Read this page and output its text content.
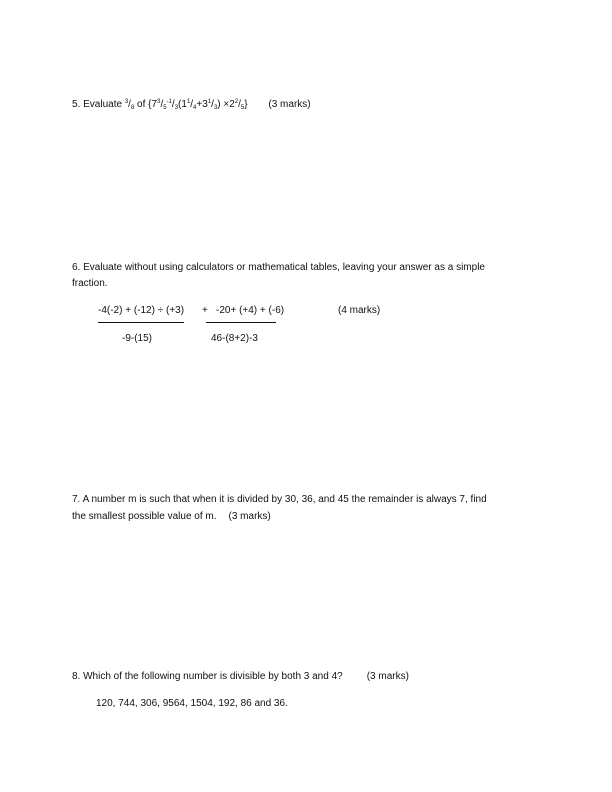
5. Evaluate $^3/_8$ of $\{7^3/_5^{-1}/_3(1^1/_4+3^1/_3) \times 2^2/_5\}$ (3 marks)
6. Evaluate without using calculators or mathematical tables, leaving your answer as a simple
fraction.
-4(-2) + (-12) ÷ (+3)
-9-(15)
+ -20+ (+4) + (-6)
46-(8+2)-3
(4 marks)
7. A number m is such that when it is divided by 30, 36, and 45 the remainder is always 7, find
the smallest possible value of m. (3 marks)
8. Which of the following number is divisible by both 3 and 4? (3 marks)
120, 744, 306, 9564, 1504, 192, 86 and 36.
